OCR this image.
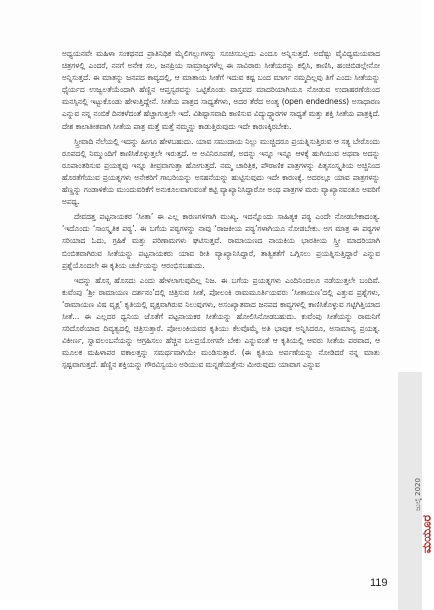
ಅಧ್ಯಯನವೇ ಮಹಿಳಾ ಸಂಕಥನದ ಪ್ರಾತಿನಿಧಿಕ ಮೈಲಿಗಲ್ಲುಗಳನ್ನು ಸೂಚಿಸಬಲ್ಲದು ಎಂದೂ ಅನ್ನಿಸುತ್ತದೆ. ಅದೆಷ್ಟು ವೈವಿಧ್ಯಮಯವಾದ ಚಿತ್ರಗಳಲ್ಲಿ ಎಂದರೆ, ನನಗೆ ಅನೇಕ ಸಲ, ಜನಪ್ರಿಯ ಸಾಮ್ರಾಜ್ಯಗಳೆಲ್ಲ ಈ ಸಾವಿರಾರು ಸೀತೆಯರನ್ನು ಕಲ್ಪಿಸಿ, ಕಾಣಿಸಿ, ಹಂಚಿಬಿಡಲ್ಲೇನೋ ಅನ್ನಿಸುತ್ತದೆ. ಈ ಮಾತನ್ನು ಜನಪದ ಕಾವ್ಯದಲ್ಲಿ, ಆ ಮಾತಾಯ ಸೀತೆಗೆ ಇದುವ ಕಷ್ಟ ಬಂದ ಮಾರ್ಗ ನಮ್ಮದಿಲ್ಲವು ತಿಗೆ ಎಂದು ಸೀತೆಯನ್ನು ಧೈರ್ಯದ ಉಜ್ವಲತೆಯೆಂದಾಗಿ ಹೆಣ್ಣಿನ ಆಪ್ತಸ್ವರವನ್ನು ಒಟ್ಟಿಕೊಂಡು ವಾಸ್ತವದ ಮಾದರಿಯಾಗಿಯೂ ನೋಡುವ ಉದಾಹರಣೆಯಿಂದ ಮನಸ್ಸಿನಲ್ಲಿ ಇಟ್ಟುಕೊಂಡು ಹೇಳುತ್ತಿದ್ದೇನೆ. ಸೀತೆಯ ಪಾತ್ರದ ಸಾಧ್ಯತೆಗಳು, ಅದರ ತೆರೆದ ಅಂತ್ಯ (open endedness) ಅಸಾಧಾರಣ ಎನ್ನುವ ನನ್ನ ನಂಬಿಕೆ ದಿನಕಳೆದಂತೆ ಹೆಚ್ಚಾಗುತ್ತಲೇ ಇದೆ. ವಿಶಿಷ್ಟಾಸವಾದಿ ಕಾಣಿಸುವ ವಿದ್ಯುದ್ಧ್ವಾರಗಳ ಸಾಧ್ಯತೆ ಮತ್ತು ಶಕ್ತಿ ಸೀತೆಯ ಪಾತ್ರಕ್ಕಿದೆ. ದೇಶ ಕಾಲಾತೀತವಾಗಿ ಸೀತೆಯ ಪಾತ್ರ ಮತ್ತೆ ಮತ್ತೆ ನಮ್ಮನ್ನು ಕಾಡುತ್ತಿರುವುದು ಇದೇ ಕಾರಣಕ್ಕಿರಬೇಕು.

ಸ್ತ್ರೀವಾದಿ ನೆಲೆಯಲ್ಲಿ ಇದನ್ನು ಹೀಗೂ ಹೇಳಬಹುದು. ಯಾವ ಸಮುದಾಯ ನಿಲ್ಲು ಮುಚ್ಚಿದರೂ ಪ್ರಯತ್ನಿಸುತ್ತಿರುವ ಆ ಸತ್ಯ ಬೇರೊಂದು ರೂಪದಲ್ಲಿ ನಿಮ್ಮುಂದಿಗೆ ಕಾಣಿಸಿಕೊಳ್ಳುತ್ತಲೇ ಇರುತ್ತದೆ. ಆ ಅವಿನಿರೂಪಣೆ, ಅದನ್ನು ಇನ್ನೂ ಇನ್ನೂ ಆಳಕ್ಕೆ ಹುಗಿಯುವ ಅಥವಾ ಅದನ್ನು ರೂಪಾಂತರಿಸುವ ಪ್ರಯತ್ನವು ಇನ್ನೂ ತೀವ್ರವಾಗುತ್ತಾ ಹೋಗುತ್ತದೆ. ನಮ್ಮ ಚಾರಿತ್ರಿಕ, ಪೌರಾಣಿಕ ಪಾತ್ರಗಳನ್ನು ಪಿತೃಸಂಸ್ಕೃತಿಯ ಅಚ್ಚಿನಿಂದ ಹೊರತೆಗೆಯುವ ಪ್ರಯತ್ನಗಳು ಅನೇಕರಿಗೆ ಗಾಬರಿಯನ್ನು ಅಸಹನೆಯನ್ನು ಹುಟ್ಟಿಸುವುದು ಇದೇ ಕಾರಣಕ್ಕೆ. ಅದರಲ್ಲೂ ಯಾವ ಪಾತ್ರಗಳನ್ನು ಹೆಣ್ಣನ್ನು ಗಂಡಾಳಿಕೆಯ ಮುಂದುವರಿಕೆಗೆ ಅನುಕೂಲವಾಗುವಂತೆ ಕಟ್ಟಿ ವ್ಯಾಖ್ಯಾನಿಸಿದ್ದಾರೋ ಅಂಥ ಪಾತ್ರಗಳ ಮರು ವ್ಯಾಖ್ಯಾನವಂತೂ ಅವರಿಗೆ ಅಪಥ್ಯ.

ದೇವದತ್ತ ಪಟ್ಟನಾಯಕರ ‘ಸೀತಾ’ ಈ ಎಲ್ಲ ಕಾರಣಗಳಿಗಾಗಿ ಮುಖ್ಯ. ಇದನ್ನೊಂದು ಸಾಹಿತ್ಯಕ ಪಠ್ಯ ಎಂದೇ ನೋಡಬೇಕಾದಂತ್ಯ. ‘ಇದೊಂದು ‘ಸಾಂಸ್ಕೃತಿಕ ಪಠ್ಯ’. ಈ ಬಗೆಯ ಪಠ್ಯಗಳನ್ನು ನಾವು ‘ರಾಜಕೀಯ ಪಠ್ಯ’ಗಳಾಗಿಯೂ ನೋಡಬೇಕು. ಅಗ ಮಾತ್ರ ಈ ಪಠ್ಯಗಳ ಸರಿಯಾದ ಓದು, ಗ್ರಹಿಕೆ ಮತ್ತು ಪರಿಣಾಮಗಳು ಘಟಿಸುತ್ತವೆ. ರಾಮಾಯಣದ ನಾಯಕಿಯ ಭಾರತೀಯ ಸ್ತ್ರೀ ಮಾದರಿಯಾಗಿ ಬಿಂಬಿತವಾಗಿರುವ ಸೀತೆಯನ್ನು ಪಟ್ಟನಾಯಕರು ಯಾವ ರೀತಿ ವ್ಯಾಖ್ಯಾನಿಸಿದ್ದಾರೆ, ತಾತ್ವಿಕತೆಗೆ ಒಗ್ಗಿಸಲು ಪ್ರಯತ್ನಿಸುತ್ತಿದ್ದಾರೆ ಎನ್ನುವ ಪ್ರಶ್ನೆಯೊಂದಲೇ ಈ ಕೃತಿಯ ಚರ್ಚೆಯನ್ನು ಆರಂಭಿಸಬಹುದು.

ಇದನ್ನು ಹೊಸ್ಸ ಹೊಸದು ಎಂದು ಹೇಳಲಾಗುವುದಿಲ್ಲ ನಿಜ. ಈ ಬಗೆಯ ಪ್ರಯತ್ನಗಳು ಎಂದಿನಿಂದಲೂ ನಡೆಯುತ್ತಲೇ ಬಂದಿವೆ. ಕುವೆಂಪು ‘ಶ್ರೀ ರಾಮಾಯಣ ದರ್ಶನಂ’ದಲ್ಲಿ ಚಿತ್ರಿಸುವ ಸೀತೆ, ಪೋಲಂಕಿ ರಾಮಮೂರ್ತಿಯವರು ‘ಸೀತಾಯಣ’ದಲ್ಲಿ ಎತ್ತುವ ಪ್ರಶ್ನೆಗಳು, ‘ರಾಮಾಯಣ ವಿಷ ವೃಕ್ಷ’ ಕೃತಿಯಲ್ಲಿ ವೃಕ್ಷವಾಗಿರುವ ನಿಲುವುಗಳು, ಅಸಂಖ್ಯಾತವಾದ ಜನಪದ ಕಾವ್ಯಗಳಲ್ಲಿ ಕಾಣಿಸಿಕೊಳ್ಳುವ ಗಟ್ಟಿಗಿತ್ತಿಯಾದ ಸೀತೆ... ಈ ಎಲ್ಲದರ ಧ್ವನಿಯ ಜೊತೆಗೆ ಪಟ್ಟನಾಯಕರ ಸೀತೆಯನ್ನು ಹೋಲಿಸಿನೋಡಬಹುದು. ಕುವೆಂಪು ಸೀತೆಯನ್ನು ರಾಮನಿಗೆ ಸರಿದೊರೆಯಾದ ದಿವ್ಯತ್ವದಲ್ಲಿ ಚಿತ್ರಿಸುತ್ತಾರೆ. ಪೋಲಂಕಿಯವರ ಕೃತಿಯು ಕೆಲವೊಮ್ಮೆ ಅತಿ ಭಾವುಕ ಅನ್ನಿಸಿದರೂ, ಅಸಾಮಾನ್ಯ ಪ್ರಯತ್ನ. ವಿಕೀರ್ಣ, ಸ್ವಾವಲಂಬನೆಯನ್ನು ಆಗ್ರಹಿಸಲು ಹೆಚ್ಚಿನ ಬಲಪ್ರಯೋಗವೇ ಬೇಕು ಎನ್ನುವಂತೆ ಆ ಕೃತಿಯಲ್ಲಿ ಆವರು ಸೀತೆಯ ಪರವಾದ, ಆ ಮೂಲಕ ಮಹಿಳಾಪರ ವಕಾಲತ್ತನ್ನು ಸಮರ್ಥವಾಗಿಯೇ ಮಂಡಿಸುತ್ತಾರೆ. (ಈ ಕೃತಿಯ ಅರ್ಪಣೆಯನ್ನು ನೋಡಿದರೆ ನನ್ನ ಮಾತು ಸ್ಪಷ್ಟವಾಗುತ್ತದೆ. ಹೆಣ್ಣಿನ ಶಕ್ತಿಯನ್ನು ಗೌರವಿಸ್ವಯಂ ಅರಿಯುವ ಮನ್ನಣೆಯತ್ತೇನು ಮೀರುವುದು ಯಾವಾಗ ಎನ್ನುವ

ಜುಲೈ 2020
ಮಯೂರ
119
